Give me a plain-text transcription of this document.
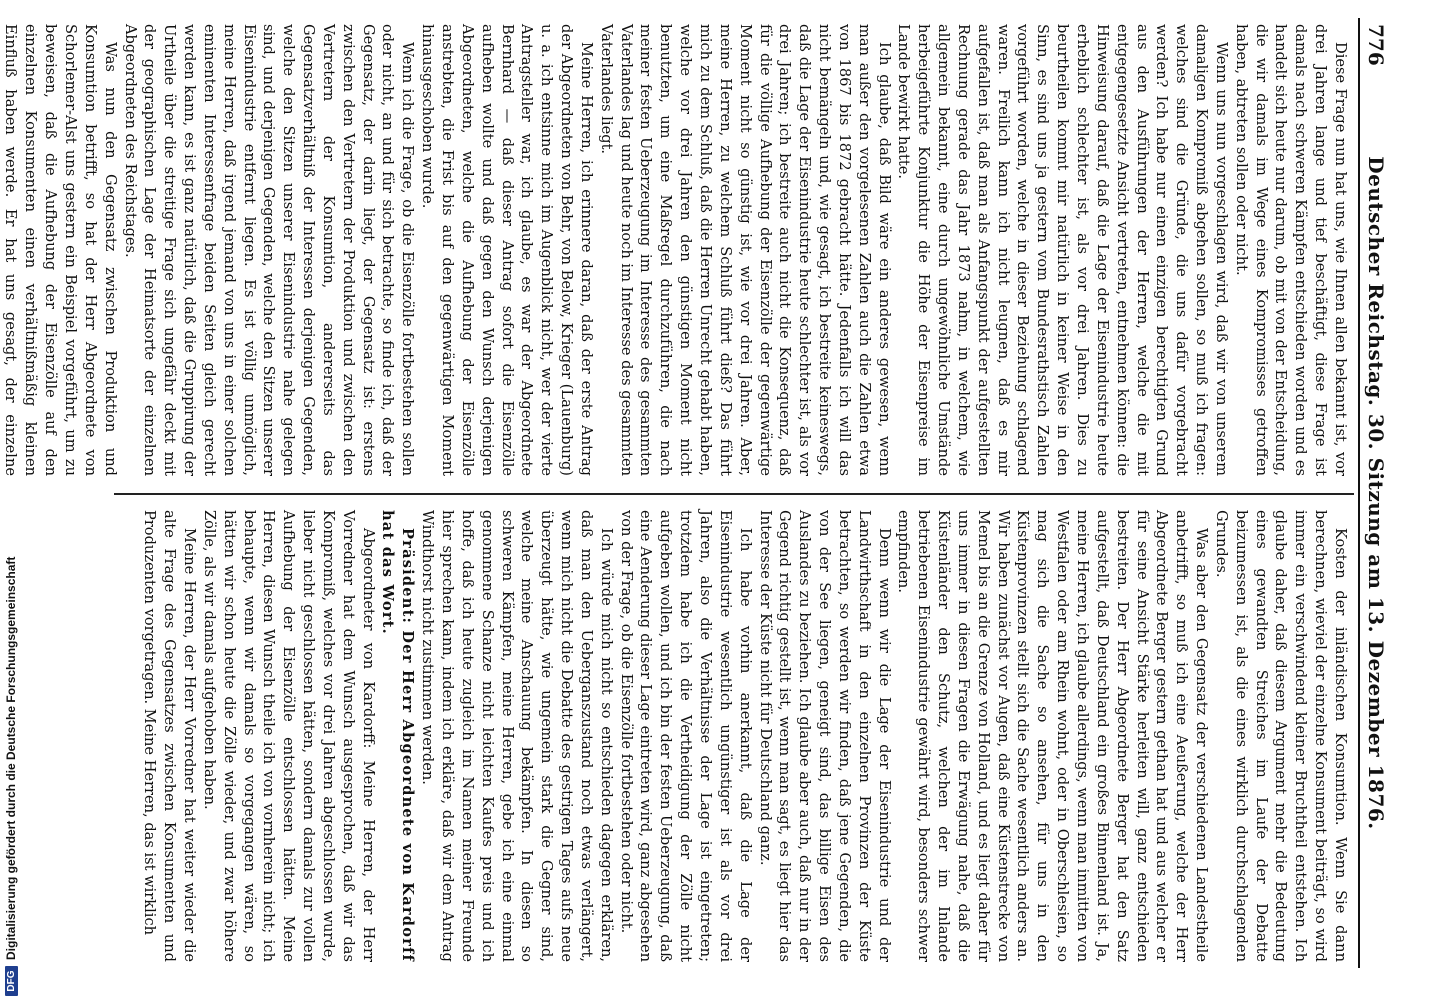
DFG
Digitalisierung gefördert durch die Deutsche Forschungsgemeinschaft
776
Deutscher Reichstag. 30. Sitzung am 13. Dezember 1876.

Diese Frage nun hat uns, wie Ihnen allen bekannt ist, vor drei Jahren lange und tief beschäftigt, diese Frage ist damals nach schweren Kämpfen entschieden worden und es handelt sich heute nur darum, ob mit von der Entscheidung, die wir damals im Wege eines Kompromisses getroffen haben, abtreten sollen oder nicht.

Wenn uns nun vorgeschlagen wird, daß wir von unserem damaligen Kompromiß abgehen sollen, so muß ich fragen: welches sind die Gründe, die uns dafür vorgebracht werden? Ich habe nur einen einzigen berechtigten Grund aus den Ausführungen der Herren, welche die mit entgegengesetzte Ansicht vertreten, entnehmen können: die Hinweisung darauf, daß die Lage der Eisenindustrie heute erheblich schlechter ist, als vor drei Jahren. Dies zu beurtheilen kommt mir natürlich in keiner Weise in den Sinn, es sind uns ja gestern vom Bundesrathstisch Zahlen vorgeführt worden, welche in dieser Beziehung schlagend waren. Freilich kann ich nicht leugnen, daß es mir aufgefallen ist, daß man als Anfangspunkt der aufgestellten Rechnung gerade das Jahr 1873 nahm, in welchem, wie allgemein bekannt, eine durch ungewöhnliche Umstände herbeigeführte Konjunktur die Höhe der Eisenpreise im Lande bewirkt hatte.

Ich glaube, daß Bild wäre ein anderes gewesen, wenn man außer den vorgelesenen Zahlen auch die Zahlen etwa von 1867 bis 1872 gebracht hätte. Jedenfalls ich will das nicht bemängeln und, wie gesagt, ich bestreite keineswegs, daß die Lage der Eisenindustrie heute schlechter ist, als vor drei Jahren; ich bestreite auch nicht die Konsequenz, daß für die völlige Aufhebung der Eisenzölle der gegenwärtige Moment nicht so günstig ist, wie vor drei Jahren. Aber, meine Herren, zu welchem Schluß führt dieß? Das führt mich zu dem Schluß, daß die Herren Unrecht gehabt haben, welche vor drei Jahren den günstigen Moment nicht benutzten, um eine Maßregel durchzuführen, die nach meiner festen Ueberzeugung im Interesse des gesammten Vaterlandes lag und heute noch im Interesse des gesammten Vaterlandes liegt.

Meine Herren, ich erinnere daran, daß der erste Antrag der Abgeordneten von Behr, von Below, Krieger (Lauenburg) u. a. ich entsinne mich im Augenblick nicht, wer der vierte Antragsteller war, ich glaube, es war der Abgeordnete Bernhard — daß dieser Antrag sofort die Eisenzölle aufheben wollte und daß gegen den Wunsch derjenigen Abgeordneten, welche die Aufhebung der Eisenzölle anstrebten, die Frist bis auf den gegenwärtigen Moment hinausgeschoben wurde.

Wenn ich die Frage, ob die Eisenzölle fortbestehen sollen oder nicht, an und für sich betrachte, so finde ich, daß der Gegensatz, der darin liegt, der Gegensatz ist: erstens zwischen den Vertretern der Produktion und zwischen den Vertretern der Konsumtion, andererseits das Gegensatzverhältniß der Interessen derjenigen Gegenden, welche den Sitzen unserer Eisenindustrie nahe gelegen sind, und derjenigen Gegenden, welche den Sitzen unserer Eisenindustrie entfernt liegen. Es ist völlig unmöglich, meine Herren, daß irgend jemand von uns in einer solchen eminenten Interessenfrage beiden Seiten gleich gerecht werden kann, es ist ganz natürlich, daß die Gruppirung der Urtheile über die streitige Frage sich ungefähr deckt mit der geographischen Lage der Heimatsorte der einzelnen Abgeordneten des Reichstages.

Was nun den Gegensatz zwischen Produktion und Konsumtion betrifft, so hat der Herr Abgeordnete von Schorlemer-Alst uns gestern ein Beispiel vorgeführt, um zu beweisen, daß die Aufhebung der Eisenzölle auf den einzelnen Konsumenten einen verhältnißmäßig kleinen Einfluß haben werde. Er hat uns gesagt, der einzelne

Kosten der inländischen Konsumtion. Wenn Sie dann berechnen, wieviel der einzelne Konsument beiträgt, so wird immer ein verschwindend kleiner Bruchtheil entstehen. Ich glaube daher, daß diesem Argument mehr die Bedeutung eines gewandten Streiches im Laufe der Debatte beizumessen ist, als die eines wirklich durchschlagenden Grundes.

Was aber den Gegensatz der verschiedenen Landestheile anbetrifft, so muß ich eine Aeußerung, welche der Herr Abgeordnete Berger gestern gethan hat und aus welcher er für seine Ansicht Stärke herleiten will, ganz entschieden bestreiten. Der Herr Abgeordnete Berger hat den Satz aufgestellt, daß Deutschland ein großes Binnenland ist. Ja, meine Herren, ich glaube allerdings, wenn man inmitten von Westfalen oder am Rhein wohnt, oder in Oberschlesien, so mag sich die Sache so ansehen, für uns in den Küstenprovinzen stellt sich die Sache wesentlich anders an. Wir haben zunächst vor Augen, daß eine Küstenstrecke von Memel bis an die Grenze von Holland, und es liegt daher für uns immer in diesen Fragen die Erwägung nahe, daß die Küstenländer den Schutz, welchen der im Inlande betriebenen Eisenindustrie gewährt wird, besonders schwer empfinden.

Denn wenn wir die Lage der Eisenindustrie und der Landwirthschaft in den einzelnen Provinzen der Küste betrachten, so werden wir finden, daß jene Gegenden, die von der See liegen, geneigt sind, das billige Eisen des Auslandes zu beziehen. Ich glaube aber auch, daß nur in der Gegend richtig gestellt ist, wenn man sagt, es liegt hier das Interesse der Küste nicht für Deutschland ganz.

Ich habe vorhin anerkannt, daß die Lage der Eisenindustrie wesentlich ungünstiger ist als vor drei Jahren, also die Verhältnisse der Lage ist eingetreten; trotzdem habe ich die Vertheidigung der Zölle nicht aufgeben wollen, und ich bin der festen Ueberzeugung, daß eine Aenderung dieser Lage eintreten wird, ganz abgesehen von der Frage, ob die Eisenzölle fortbestehen oder nicht.

Ich würde mich nicht so entschieden dagegen erklären, daß man den Ueberganszustand noch etwas verlängert, wenn mich nicht die Debatte des gestrigen Tages aufs neue überzeugt hätte, wie ungemein stark die Gegner sind, welche meine Anschauung bekämpfen. In diesen so schweren Kämpfen, meine Herren, gebe ich eine einmal genommene Schanze nicht leichten Kaufes preis und ich hoffe, daß ich heute zugleich im Namen meiner Freunde hier sprechen kann, indem ich erkläre, daß wir dem Antrag Windthorst nicht zustimmen werden.

Präsident: Der Herr Abgeordnete von Kardorff hat das Wort.

Abgeordneter von Kardorff: Meine Herren, der Herr Vorredner hat dem Wunsch ausgesprochen, daß wir das Kompromiß, welches vor drei Jahren abgeschlossen wurde, lieber nicht geschlossen hätten, sondern damals zur vollen Aufhebung der Eisenzölle entschlossen hätten. Meine Herren, diesen Wunsch theile ich von vornherein nicht; ich behaupte, wenn wir damals so vorgegangen wären, so hätten wir schon heute die Zölle wieder, und zwar höhere Zölle, als wir damals aufgehoben haben.

Meine Herren, der Herr Vorredner hat weiter wieder die alte Frage des Gegensatzes zwischen Konsumenten und Produzenten vorgetragen. Meine Herren, das ist wirklich
